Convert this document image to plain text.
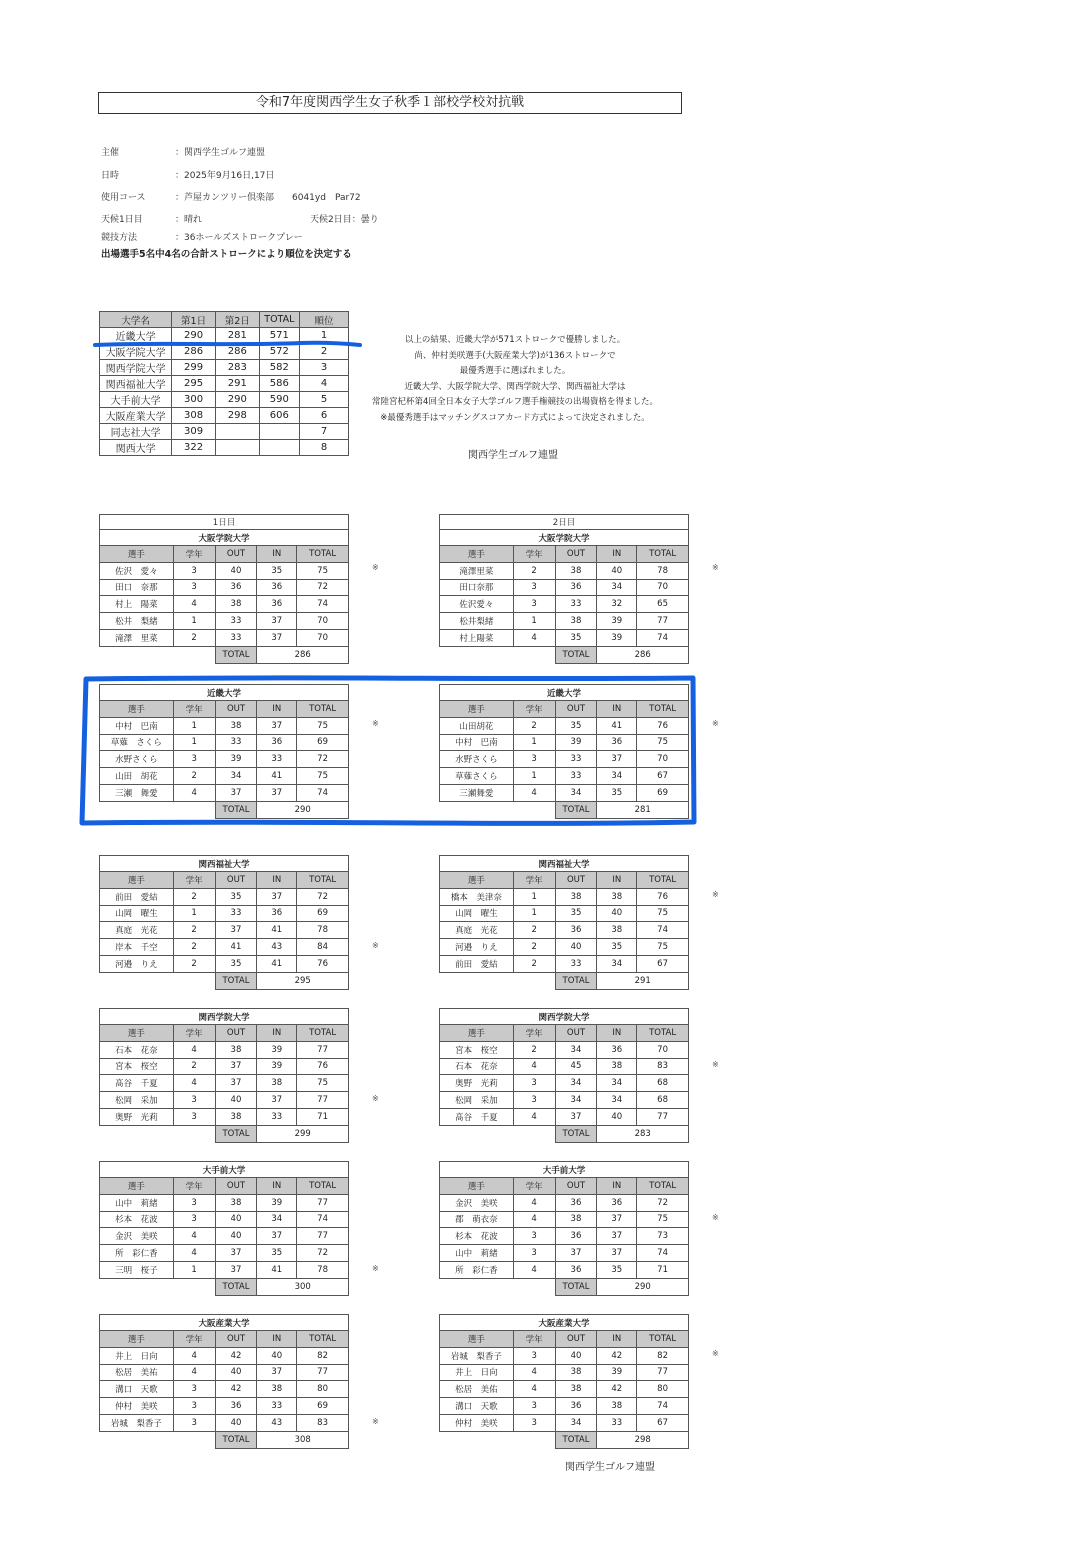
令和7年度関西学生女子秋季１部校学校対抗戦
主催	：関西学生ゴルフ連盟
日時	：2025年9月16日,17日
使用コース	：芦屋カンツリー倶楽部　　6041yd　Par72
天候1日目	：晴れ　　　　　　　　　　　　天候2日目：曇り
競技方法	：36ホールズストロークプレー
出場選手5名中4名の合計ストロークにより順位を決定する
大学名	第1日	第2日	TOTAL	順位
近畿大学	290	281	571	1
大阪学院大学	286	286	572	2
関西学院大学	299	283	582	3
関西福祉大学	295	291	586	4
大手前大学	300	290	590	5
大阪産業大学	308	298	606	6
同志社大学	309			7
関西大学	322			8
以上の結果、近畿大学が571ストロークで優勝しました。
尚、仲村美咲選手(大阪産業大学)が136ストロークで
最優秀選手に選ばれました。
近畿大学、大阪学院大学、関西学院大学、関西福祉大学は
常陸宮杞杯第4回全日本女子大学ゴルフ選手権競技の出場資格を得ました。
※最優秀選手はマッチングスコアカード方式によって決定されました。
関西学生ゴルフ連盟
1日目				
大阪学院大学				
選手	学年	OUT	IN	TOTAL
佐沢　愛々	3	40	35	75
田口　奈那	3	36	36	72
村上　陽菜	4	38	36	74
松井　梨緒	1	33	37	70
滝澤　里菜	2	33	37	70
		TOTAL	286	
※
近畿大学				
選手	学年	OUT	IN	TOTAL
中村　巴南	1	38	37	75
草薙　さくら	1	33	36	69
水野さくら	3	39	33	72
山田　胡花	2	34	41	75
三瀬　舞愛	4	37	37	74
		TOTAL	290	
※
関西福祉大学				
選手	学年	OUT	IN	TOTAL
前田　愛結	2	35	37	72
山岡　曜生	1	33	36	69
真庭　光花	2	37	41	78
岸本　千空	2	41	43	84
河邉　りえ	2	35	41	76
		TOTAL	295	
※
関西学院大学				
選手	学年	OUT	IN	TOTAL
石本　花奈	4	38	39	77
宮本　桜空	2	37	39	76
髙谷　千夏	4	37	38	75
松岡　采加	3	40	37	77
奥野　光莉	3	38	33	71
		TOTAL	299	
※
大手前大学				
選手	学年	OUT	IN	TOTAL
山中　莉緒	3	38	39	77
杉本　花波	3	40	34	74
金沢　美咲	4	40	37	77
所　彩仁香	4	37	35	72
三明　桜子	1	37	41	78
		TOTAL	300	
※
大阪産業大学				
選手	学年	OUT	IN	TOTAL
井上　日向	4	42	40	82
松居　美祐	4	40	37	77
溝口　天歌	3	42	38	80
仲村　美咲	3	36	33	69
岩城　梨香子	3	40	43	83
		TOTAL	308	
※
2日目				
大阪学院大学				
選手	学年	OUT	IN	TOTAL
滝澤里菜	2	38	40	78
田口奈那	3	36	34	70
佐沢愛々	3	33	32	65
松井梨緒	1	38	39	77
村上陽菜	4	35	39	74
		TOTAL	286	
※
近畿大学				
選手	学年	OUT	IN	TOTAL
山田胡花	2	35	41	76
中村　巴南	1	39	36	75
水野さくら	3	33	37	70
草薙さくら	1	33	34	67
三瀬舞愛	4	34	35	69
		TOTAL	281	
※
関西福祉大学				
選手	学年	OUT	IN	TOTAL
橋本　美津奈	1	38	38	76
山岡　曜生	1	35	40	75
真庭　光花	2	36	38	74
河邉　りえ	2	40	35	75
前田　愛結	2	33	34	67
		TOTAL	291	
※
関西学院大学				
選手	学年	OUT	IN	TOTAL
宮本　桜空	2	34	36	70
石本　花奈	4	45	38	83
奥野　光莉	3	34	34	68
松岡　采加	3	34	34	68
髙谷　千夏	4	37	40	77
		TOTAL	283	
※
大手前大学				
選手	学年	OUT	IN	TOTAL
金沢　美咲	4	36	36	72
郡　萌衣奈	4	38	37	75
杉本　花波	3	36	37	73
山中　莉緒	3	37	37	74
所　彩仁香	4	36	35	71
		TOTAL	290	
※
大阪産業大学				
選手	学年	OUT	IN	TOTAL
岩城　梨香子	3	40	42	82
井上　日向	4	38	39	77
松居　美佑	4	38	42	80
溝口　天歌	3	36	38	74
仲村　美咲	3	34	33	67
		TOTAL	298	
※
関西学生ゴルフ連盟
